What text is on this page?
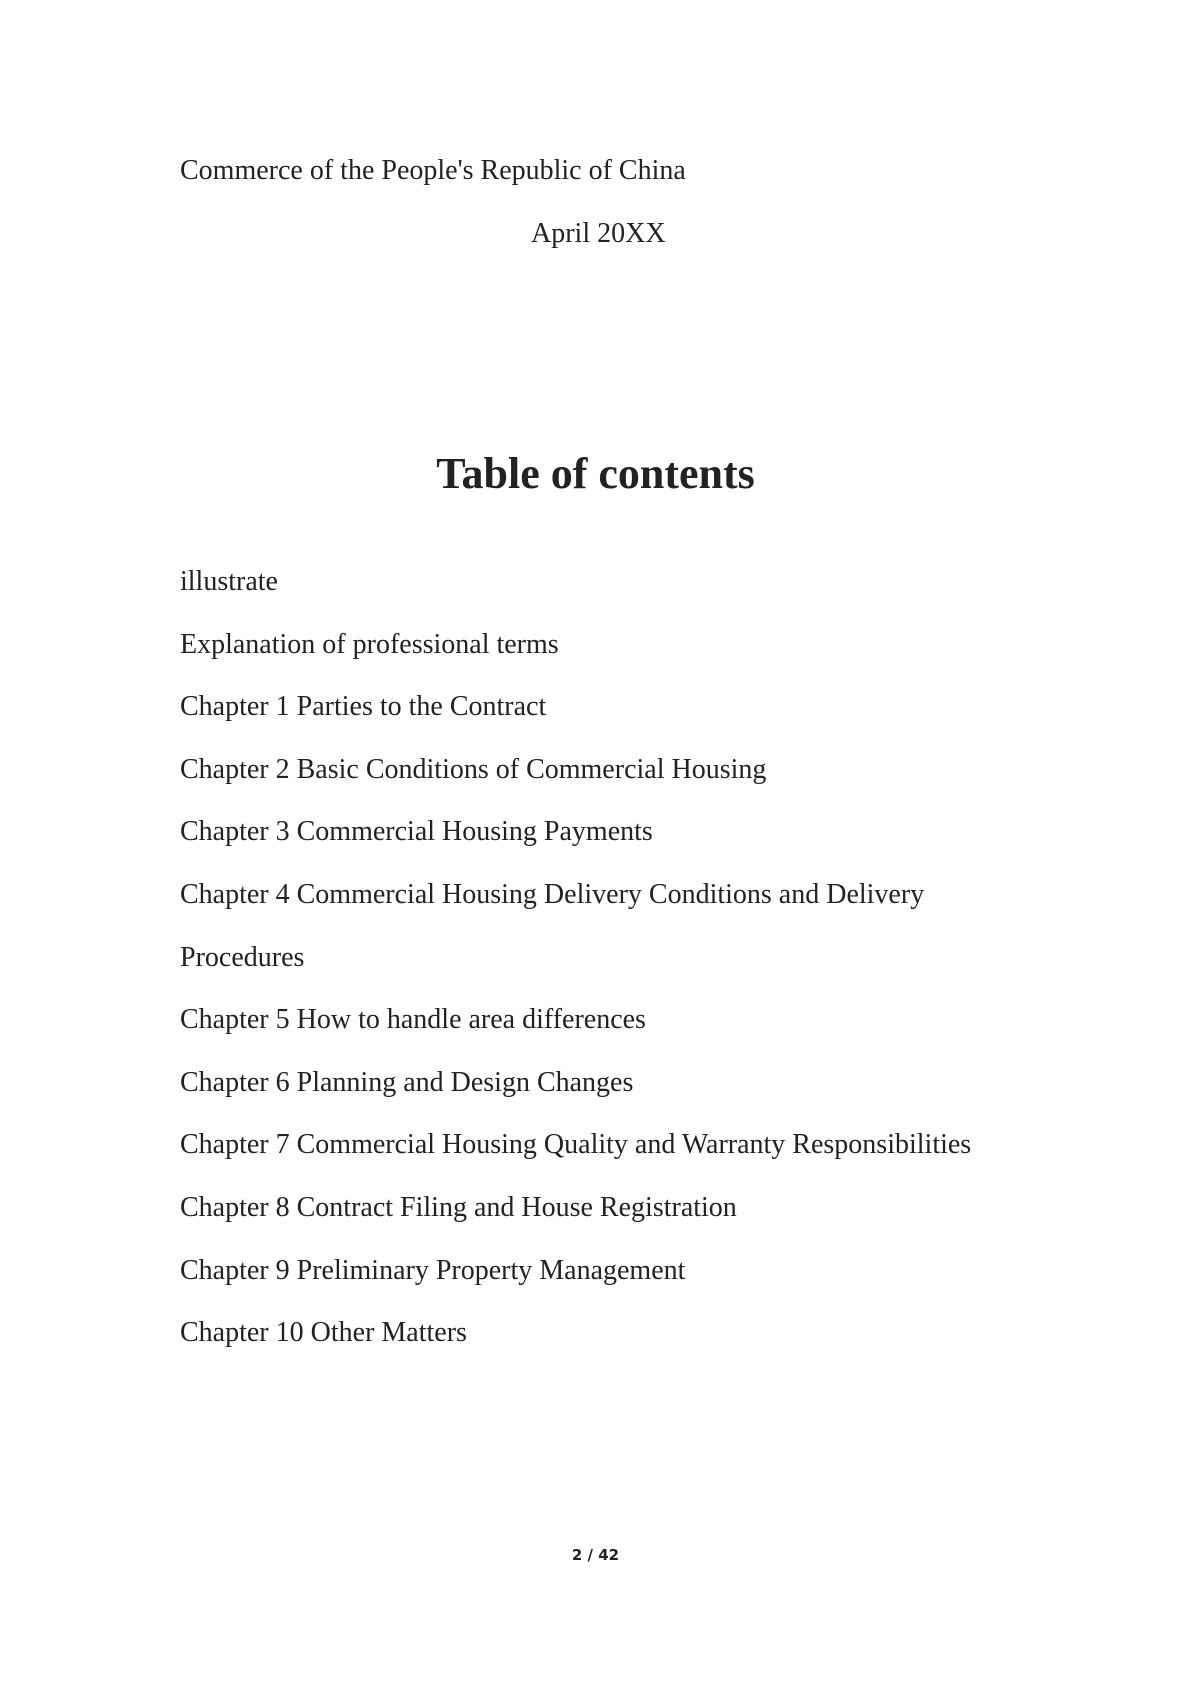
Commerce of the People's Republic of China
April 20XX
Table of contents
illustrate
Explanation of professional terms
Chapter 1 Parties to the Contract
Chapter 2 Basic Conditions of Commercial Housing
Chapter 3 Commercial Housing Payments
Chapter 4 Commercial Housing Delivery Conditions and Delivery
Procedures
Chapter 5 How to handle area differences
Chapter 6 Planning and Design Changes
Chapter 7 Commercial Housing Quality and Warranty Responsibilities
Chapter 8 Contract Filing and House Registration
Chapter 9 Preliminary Property Management
Chapter 10 Other Matters
2 / 42
